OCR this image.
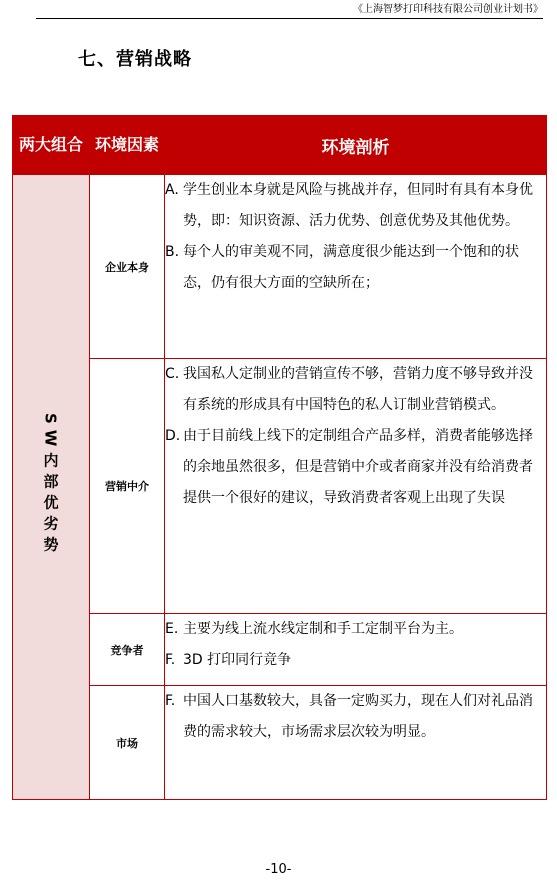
《上海智梦打印科技有限公司创业计划书》
七、营销战略
两大组合	环境因素	环境剖析
SW内部优劣势	企业本身	A. 学生创业本身就是风险与挑战并存，但同时有具有本身优势，即：知识资源、活力优势、创意优势及其他优势。
B. 每个人的审美观不同，满意度很少能达到一个饱和的状态，仍有很大方面的空缺所在；

	营销中介	C. 我国私人定制业的营销宣传不够，营销力度不够导致并没有系统的形成具有中国特色的私人订制业营销模式。
D. 由于目前线上线下的定制组合产品多样，消费者能够选择的余地虽然很多，但是营销中介或者商家并没有给消费者提供一个很好的建议，导致消费者客观上出现了失误

	竞争者	E. 主要为线上流水线定制和手工定制平台为主。
F. 3D 打印同行竞争

	市场	F. 中国人口基数较大，具备一定购买力，现在人们对礼品消费的需求较大，市场需求层次较为明显。
-10-
